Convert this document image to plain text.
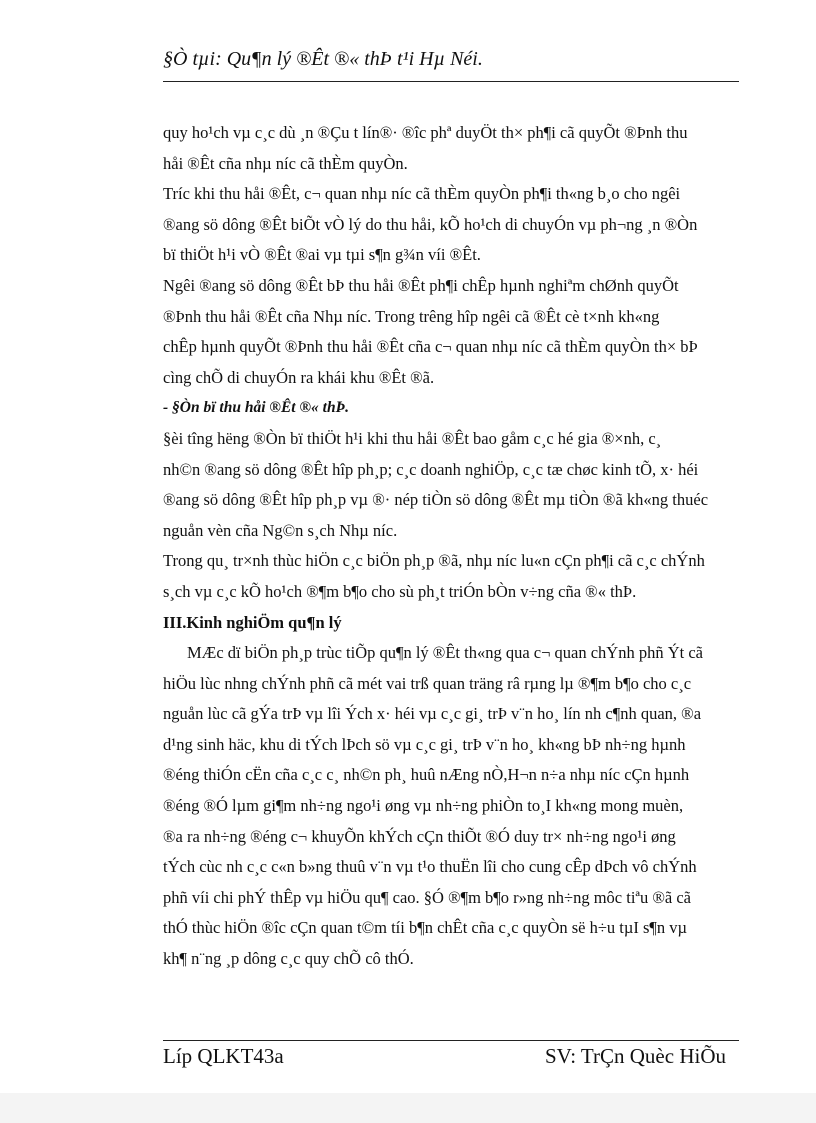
§Ò tµi: Qu¶n lý ®Êt ®« thÞ t¹i Hµ Néi.
quy ho¹ch vµ c¸c dù ¸n ®Çu t lín®· ®îc phª duyÖt th× ph¶i cã quyÕt ®Þnh thu
håi ®Êt cña nhµ níc cã thÈm quyÒn.
Tríc khi thu håi ®Êt, c¬ quan nhµ níc cã thÈm quyÒn ph¶i th«ng b¸o cho ngêi
®ang sö dông ®Êt biÕt vÒ lý do thu håi, kÕ ho¹ch di chuyÓn vµ ph¬ng ¸n ®Òn
bï thiÖt h¹i vÒ ®Êt ®ai vµ tµi s¶n g¾n víi ®Êt.
Ngêi ®ang sö dông ®Êt bÞ thu håi ®Êt ph¶i chÊp hµnh nghiªm chØnh quyÕt
®Þnh thu håi ®Êt cña Nhµ níc. Trong trêng hîp ngêi cã ®Êt cè t×nh kh«ng
chÊp hµnh quyÕt ®Þnh thu håi ®Êt cña c¬ quan nhµ níc cã thÈm quyÒn th× bÞ
cìng chÕ di chuyÓn ra khái khu ®Êt ®ã.
- §Òn bï thu håi ®Êt ®« thÞ.
§èi tîng hëng ®Òn bï thiÖt h¹i khi thu håi ®Êt bao gåm c¸c hé gia ®×nh, c¸
nh©n ®ang sö dông ®Êt hîp ph¸p; c¸c doanh nghiÖp, c¸c tæ chøc kinh tÕ, x· héi
®ang sö dông ®Êt hîp ph¸p vµ ®· nép tiÒn sö dông ®Êt mµ tiÒn ®ã kh«ng thuéc
nguån vèn cña Ng©n s¸ch Nhµ níc.
Trong qu¸ tr×nh thùc hiÖn c¸c biÖn ph¸p ®ã, nhµ níc lu«n cÇn ph¶i cã c¸c chÝnh
s¸ch vµ c¸c kÕ ho¹ch ®¶m b¶o cho sù ph¸t triÓn bÒn v÷ng cña ®« thÞ.
III.Kinh nghiÖm qu¶n lý
MÆc dï biÖn ph¸p trùc tiÕp qu¶n lý ®Êt th«ng qua c¬ quan chÝnh phñ Ýt cã
hiÖu lùc nhng chÝnh phñ cã mét vai trß quan träng râ rµng lµ ®¶m b¶o cho c¸c
nguån lùc cã gÝa trÞ vµ lîi Ých x· héi vµ c¸c gi¸ trÞ v¨n ho¸ lín nh c¶nh quan, ®a
d¹ng sinh häc, khu di tÝch lÞch sö vµ c¸c gi¸ trÞ v¨n ho¸ kh«ng bÞ nh÷ng hµnh
®éng thiÓn cËn cña c¸c c¸ nh©n ph¸ huû nÆng nÒ,H¬n n÷a nhµ níc cÇn hµnh
®éng ®Ó lµm gi¶m nh÷ng ngo¹i øng vµ nh÷ng phiÒn to¸I kh«ng mong muèn,
®a ra nh÷ng ®éng c¬ khuyÕn khÝch cÇn thiÕt ®Ó duy tr× nh÷ng ngo¹i øng
tÝch cùc nh c¸c c«n b»ng thuû v¨n vµ t¹o thuËn lîi cho cung cÊp dÞch vô chÝnh
phñ víi chi phÝ thÊp vµ hiÖu qu¶ cao. §Ó ®¶m b¶o r»ng nh÷ng môc tiªu ®ã cã
thÓ thùc hiÖn ®îc cÇn quan t©m tíi b¶n chÊt cña c¸c quyÒn së h÷u tµI s¶n vµ
kh¶ n¨ng ¸p dông c¸c quy chÕ cô thÓ.
Líp QLKT43a	SV: TrÇn Quèc HiÕu
